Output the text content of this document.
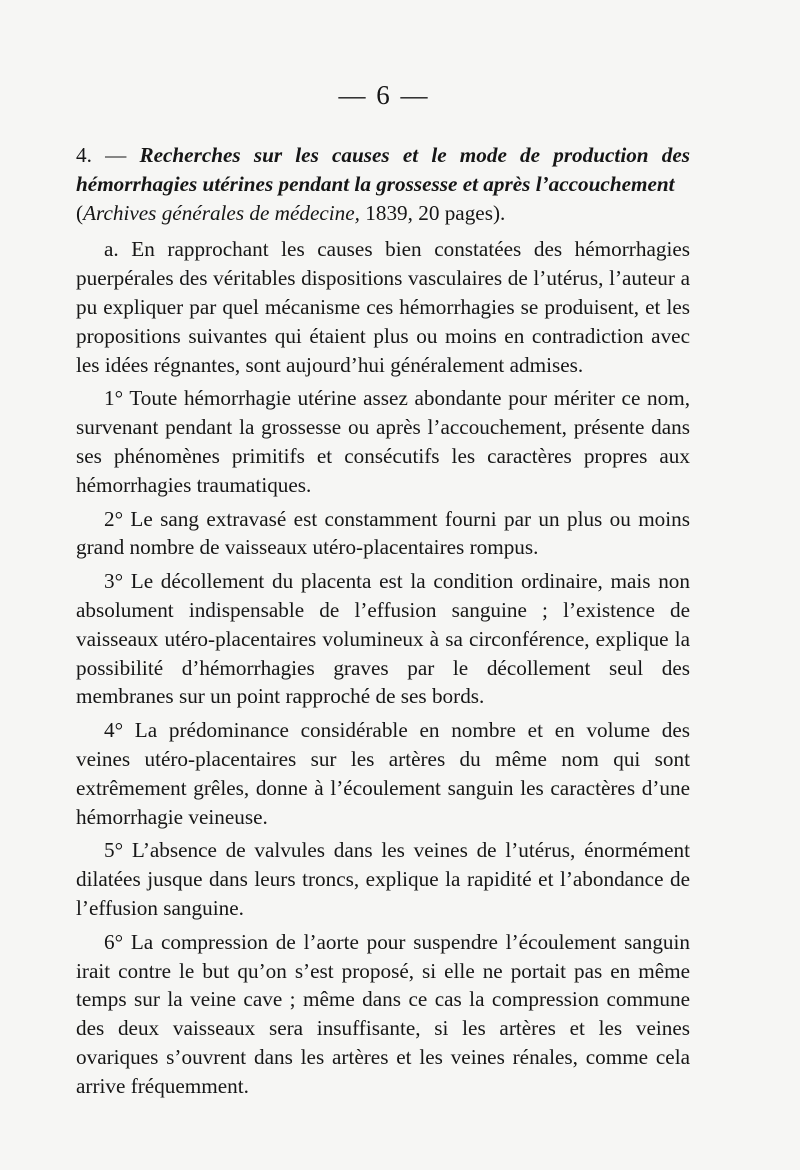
— 6 —

4. — Recherches sur les causes et le mode de production des hémorrhagies utérines pendant la grossesse et après l’accouchement
(Archives générales de médecine, 1839, 20 pages).

a. En rapprochant les causes bien constatées des hémorrhagies puerpérales des véritables dispositions vasculaires de l’utérus, l’auteur a pu expliquer par quel mécanisme ces hémorrhagies se produisent, et les propositions suivantes qui étaient plus ou moins en contradiction avec les idées régnantes, sont aujourd’hui généralement admises.

1° Toute hémorrhagie utérine assez abondante pour mériter ce nom, survenant pendant la grossesse ou après l’accouchement, présente dans ses phénomènes primitifs et consécutifs les caractères propres aux hémorrhagies traumatiques.

2° Le sang extravasé est constamment fourni par un plus ou moins grand nombre de vaisseaux utéro-placentaires rompus.

3° Le décollement du placenta est la condition ordinaire, mais non absolument indispensable de l’effusion sanguine ; l’existence de vaisseaux utéro-placentaires volumineux à sa circonférence, explique la possibilité d’hémorrhagies graves par le décollement seul des membranes sur un point rapproché de ses bords.

4° La prédominance considérable en nombre et en volume des veines utéro-placentaires sur les artères du même nom qui sont extrêmement grêles, donne à l’écoulement sanguin les caractères d’une hémorrhagie veineuse.

5° L’absence de valvules dans les veines de l’utérus, énormément dilatées jusque dans leurs troncs, explique la rapidité et l’abondance de l’effusion sanguine.

6° La compression de l’aorte pour suspendre l’écoulement sanguin irait contre le but qu’on s’est proposé, si elle ne portait pas en même temps sur la veine cave ; même dans ce cas la compression commune des deux vaisseaux sera insuffisante, si les artères et les veines ovariques s’ouvrent dans les artères et les veines rénales, comme cela arrive fréquemment.
